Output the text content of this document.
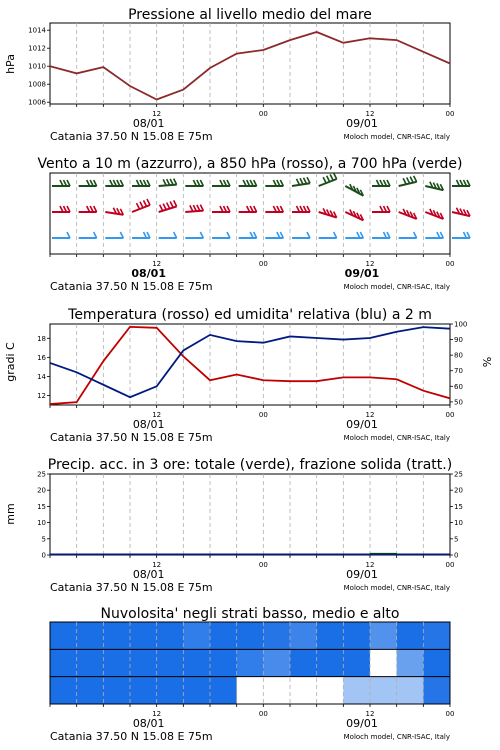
Pressione al livello medio del mare
Vento a 10 m (azzurro), a 850 hPa (rosso), a 700 hPa (verde)
Temperatura (rosso) ed umidita' relativa (blu) a 2 m
Precip. acc. in 3 ore: totale (verde), frazione solida (tratt.)
Nuvolosita' negli strati basso, medio e alto
hPa
gradi C	%
mm
12	00	12	00
08/01	09/01
Catania 37.50 N 15.08 E 75m	Moloch model, CNR-ISAC, Italy
1006
1008
1010
1012
1014
12	00	12	00
08/01	09/01
Catania 37.50 N 15.08 E 75m	Moloch model, CNR-ISAC, Italy
12	00	12	00
08/01	09/01
Catania 37.50 N 15.08 E 75m	Moloch model, CNR-ISAC, Italy
12
14
16
18
50
60
70
80
90
100
12	00	12	00
08/01	09/01
Catania 37.50 N 15.08 E 75m	Moloch model, CNR-ISAC, Italy
0
5
10
15
20
25
0
5
10
15
20
25
12	00	12	00
08/01	09/01
Catania 37.50 N 15.08 E 75m	Moloch model, CNR-ISAC, Italy
